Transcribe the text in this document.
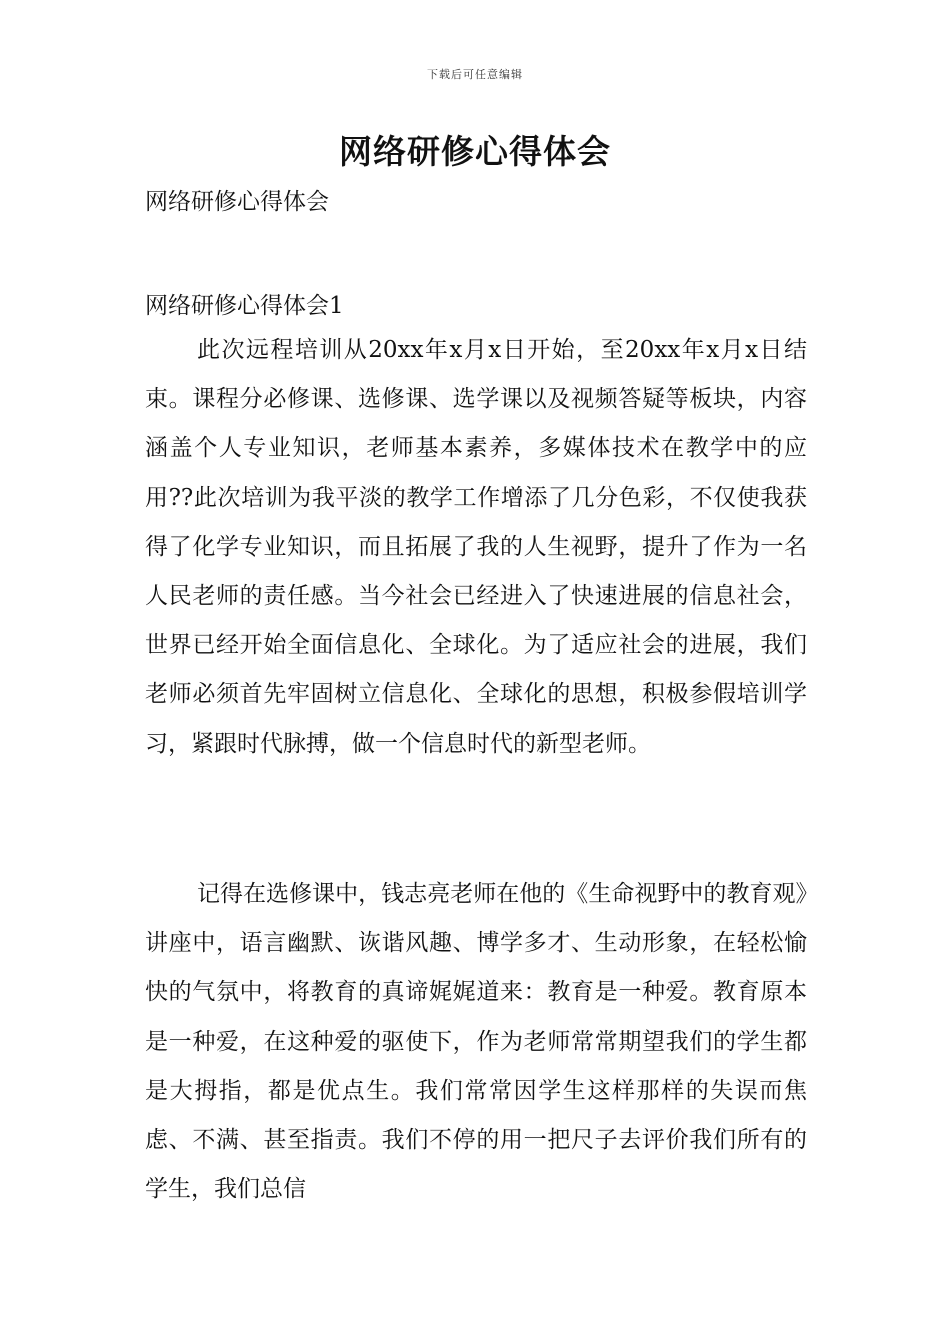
下载后可任意编辑
网络研修心得体会

网络研修心得体会

网络研修心得体会1

此次远程培训从20xx年x月x日开始，至20xx年x月x日结束。课程分必修课、选修课、选学课以及视频答疑等板块，内容涵盖个人专业知识，老师基本素养，多媒体技术在教学中的应用??此次培训为我平淡的教学工作增添了几分色彩，不仅使我获得了化学专业知识，而且拓展了我的人生视野，提升了作为一名人民老师的责任感。当今社会已经进入了快速进展的信息社会，世界已经开始全面信息化、全球化。为了适应社会的进展，我们老师必须首先牢固树立信息化、全球化的思想，积极参假培训学习，紧跟时代脉搏，做一个信息时代的新型老师。

记得在选修课中，钱志亮老师在他的《生命视野中的教育观》讲座中，语言幽默、诙谐风趣、博学多才、生动形象，在轻松愉快的气氛中，将教育的真谛娓娓道来：教育是一种爱。教育原本是一种爱，在这种爱的驱使下，作为老师常常期望我们的学生都是大拇指，都是优点生。我们常常因学生这样那样的失误而焦虑、不满、甚至指责。我们不停的用一把尺子去评价我们所有的学生，我们总信
